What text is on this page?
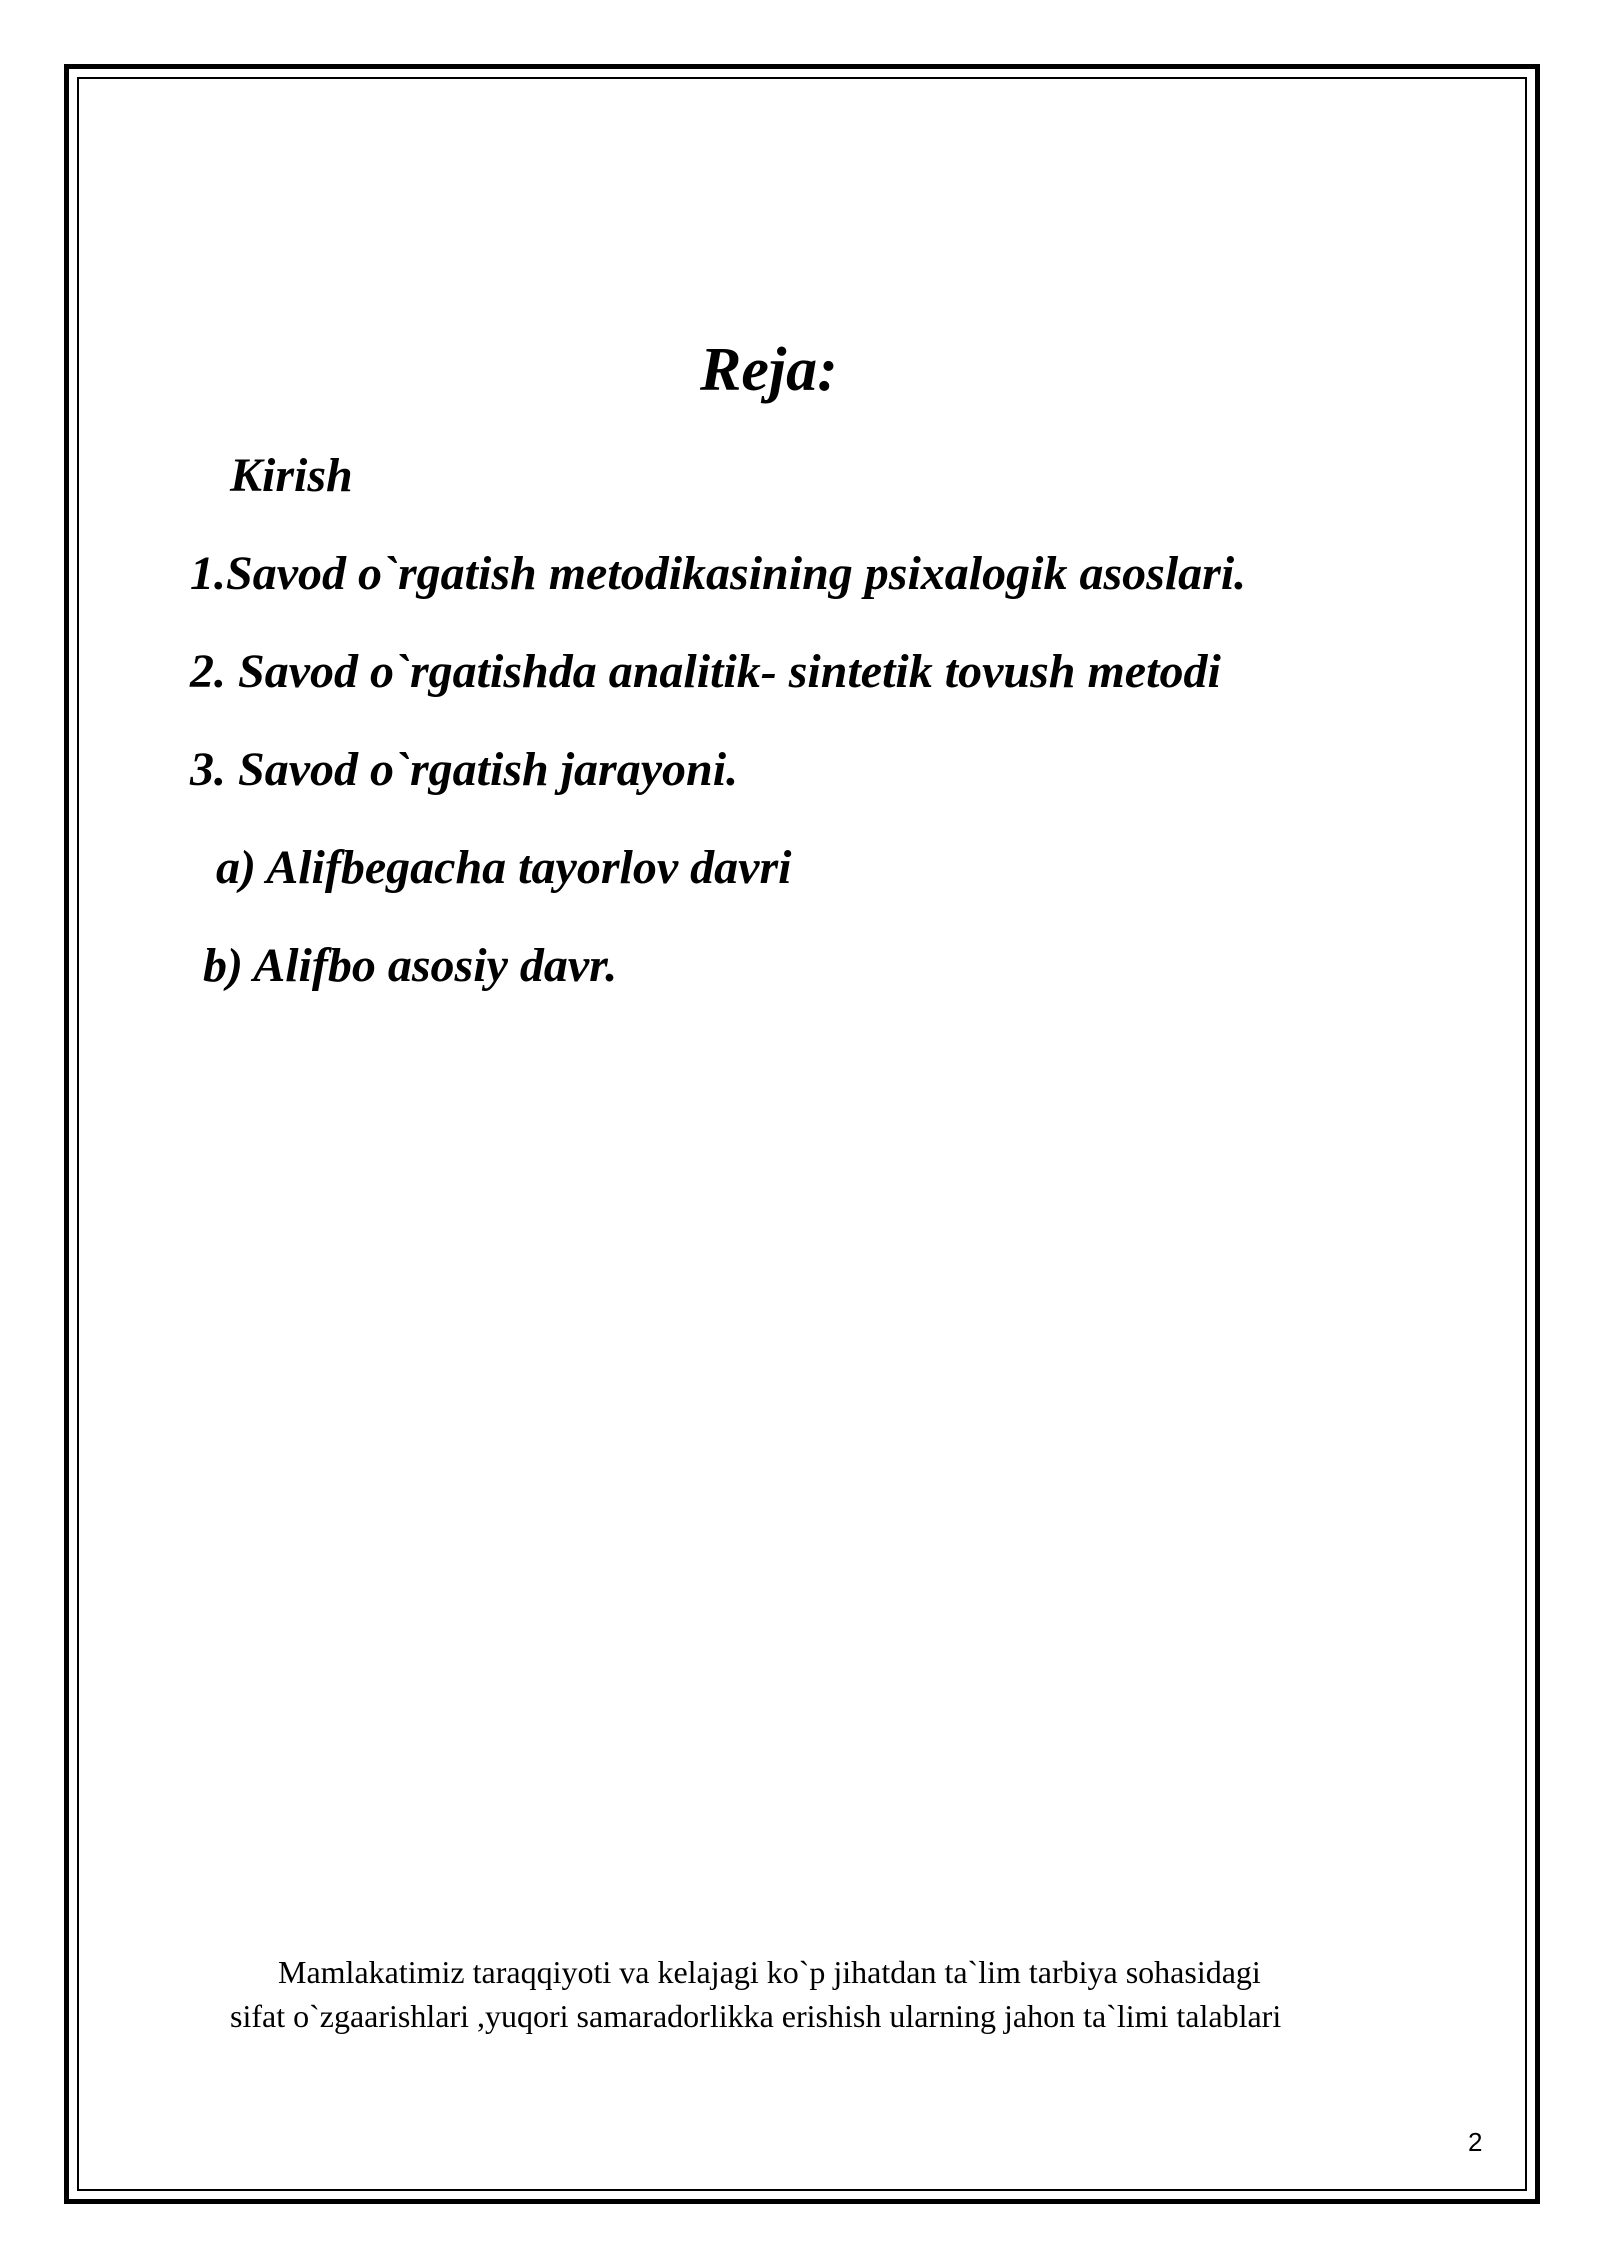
Reja:
Kirish
1.Savod o`rgatish metodikasining psixalogik asoslari.
2. Savod o`rgatishda analitik- sintetik tovush metodi
3. Savod o`rgatish jarayoni.
a) Alifbegacha tayorlov davri
b) Alifbo asosiy davr.
Mamlakatimiz taraqqiyoti va kelajagi ko`p jihatdan ta`lim tarbiya sohasidagi
sifat o`zgaarishlari ,yuqori samaradorlikka erishish ularning jahon ta`limi talablari
2
